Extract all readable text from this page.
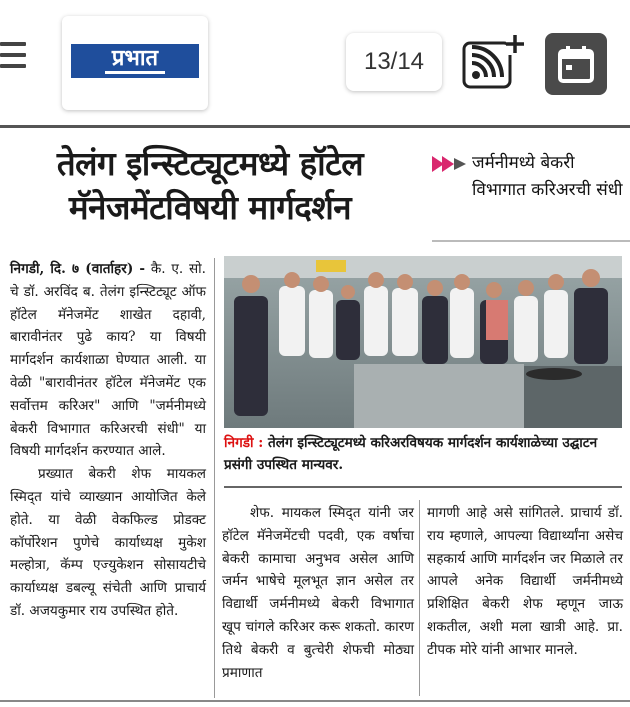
प्रभात	13/14
तेलंग इन्स्टिट्यूटमध्ये हॉटेल
मॅनेजमेंटविषयी मार्गदर्शन
जर्मनीमध्ये बेकरी विभागात करिअरची संधी

निगडी, दि. ७ (वार्ताहर) - कै. ए. सो. चे डॉ. अरविंद ब. तेलंग इन्स्टिट्यूट ऑफ हॉटेल मॅनेजमेंट शाखेत दहावी, बारावीनंतर पुढे काय? या विषयी मार्गदर्शन कार्यशाळा घेण्यात आली. या वेळी "बारावीनंतर हॉटेल मॅनेजमेंट एक सर्वोत्तम करिअर" आणि "जर्मनीमध्ये बेकरी विभागात करिअरची संधी" या विषयी मार्गदर्शन करण्यात आले.

प्रख्यात बेकरी शेफ मायकल स्मिद्त यांचे व्याख्यान आयोजित केले होते. या वेळी वेकफिल्ड प्रोडक्ट कॉर्पोरेशन पुणेचे कार्याध्यक्ष मुकेश मल्होत्रा, कॅम्प एज्युकेशन सोसायटीचे कार्याध्यक्ष डबल्यू संचेती आणि प्राचार्य डॉ. अजयकुमार राय उपस्थित होते.

निगडी : तेलंग इन्स्टिट्यूटमध्ये करिअरविषयक मार्गदर्शन कार्यशाळेच्या उद्घाटन प्रसंगी उपस्थित मान्यवर.

शेफ. मायकल स्मिद्त यांनी जर हॉटेल मॅनेजमेंटची पदवी, एक वर्षाचा बेकरी कामाचा अनुभव असेल आणि जर्मन भाषेचे मूलभूत ज्ञान असेल तर विद्यार्थी जर्मनीमध्ये बेकरी विभागात खूप चांगले करिअर करू शकतो. कारण तिथे बेकरी व बुत्चेरी शेफची मोठ्या प्रमाणात

मागणी आहे असे सांगितले. प्राचार्य डॉ. राय म्हणाले, आपल्या विद्यार्थ्यांना असेच सहकार्य आणि मार्गदर्शन जर मिळाले तर आपले अनेक विद्यार्थी जर्मनीमध्ये प्रशिक्षित बेकरी शेफ म्हणून जाऊ शकतील, अशी मला खात्री आहे. प्रा. टीपक मोरे यांनी आभार मानले.
